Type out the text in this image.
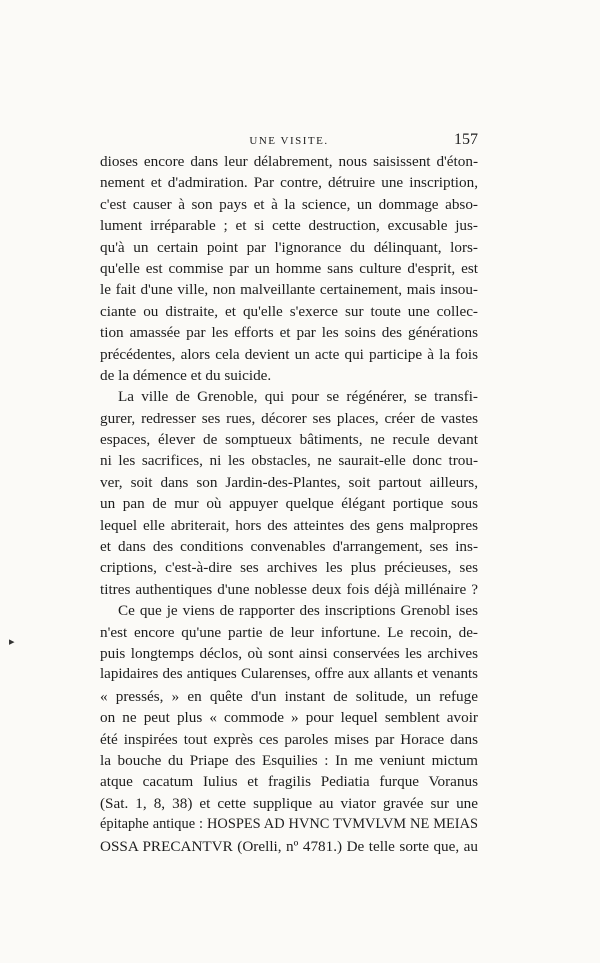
UNE VISITE.	157
dioses encore dans leur délabrement, nous saisissent d'éton-
nement et d'admiration. Par contre, détruire une inscription,
c'est causer à son pays et à la science, un dommage abso-
lument irréparable ; et si cette destruction, excusable jus-
qu'à un certain point par l'ignorance du délinquant, lors-
qu'elle est commise par un homme sans culture d'esprit, est
le fait d'une ville, non malveillante certainement, mais insou-
ciante ou distraite, et qu'elle s'exerce sur toute une collec-
tion amassée par les efforts et par les soins des générations
précédentes, alors cela devient un acte qui participe à la fois
de la démence et du suicide.
La ville de Grenoble, qui pour se régénérer, se transfi-
gurer, redresser ses rues, décorer ses places, créer de vastes
espaces, élever de somptueux bâtiments, ne recule devant
ni les sacrifices, ni les obstacles, ne saurait-elle donc trou-
ver, soit dans son Jardin-des-Plantes, soit partout ailleurs,
un pan de mur où appuyer quelque élégant portique sous
lequel elle abriterait, hors des atteintes des gens malpropres
et dans des conditions convenables d'arrangement, ses ins-
criptions, c'est-à-dire ses archives les plus précieuses, ses
titres authentiques d'une noblesse deux fois déjà millénaire ?
Ce que je viens de rapporter des inscriptions Grenobl ises
n'est encore qu'une partie de leur infortune. Le recoin, de-
puis longtemps déclos, où sont ainsi conservées les archives
lapidaires des antiques Cularenses, offre aux allants et venants
« pressés, » en quête d'un instant de solitude, un refuge
on ne peut plus « commode » pour lequel semblent avoir
été inspirées tout exprès ces paroles mises par Horace dans
la bouche du Priape des Esquilies : In me veniunt mictum
atque cacatum Iulius et fragilis Pediatia furque Voranus
(Sat. 1, 8, 38) et cette supplique au viator gravée sur une
épitaphe antique : HOSPES AD HVNC TVMVLVM NE MEIAS
OSSA PRECANTVR (Orelli, nº 4781.) De telle sorte que, au
▸
